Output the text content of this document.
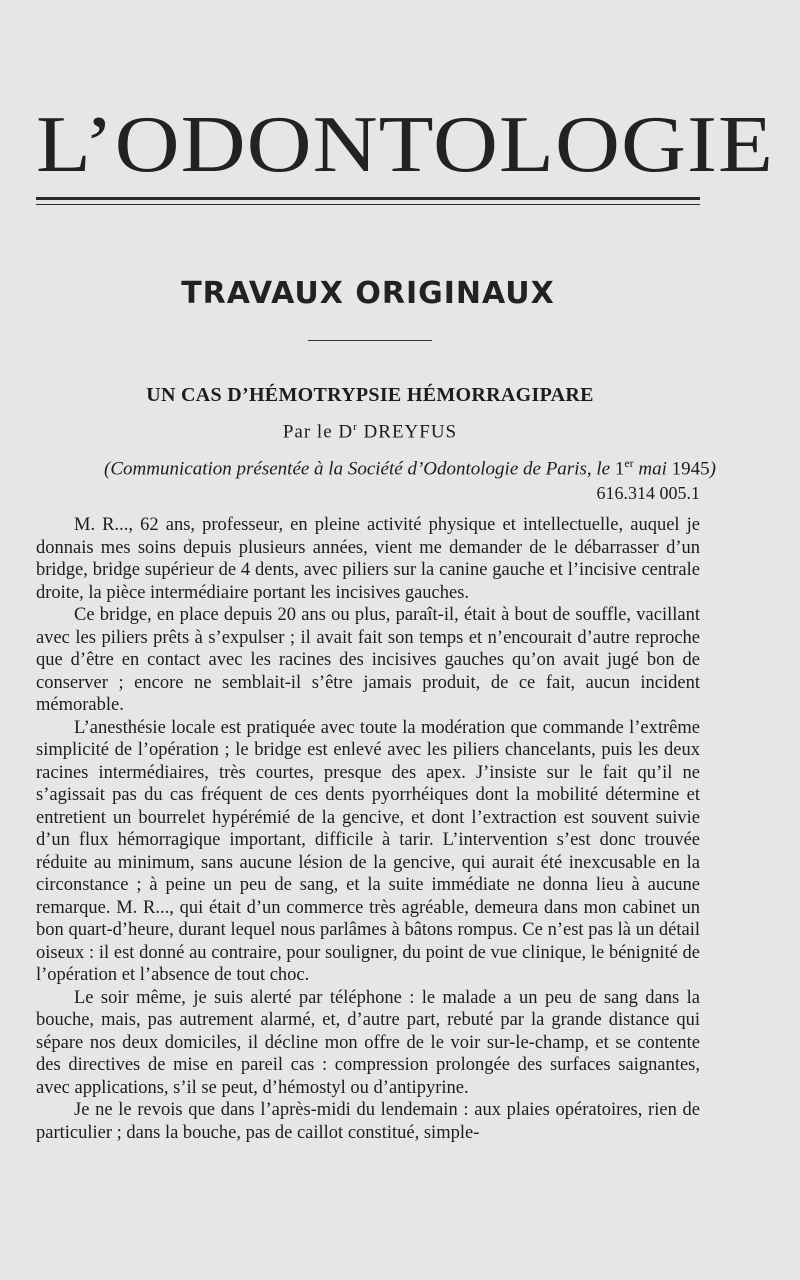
L’ODONTOLOGIE
TRAVAUX ORIGINAUX
UN CAS D’HÉMOTRYPSIE HÉMORRAGIPARE
Par le $D^r$ DREYFUS
(Communication présentée à la Société d’Odontologie de Paris, le 1er mai 1945)
616.314 005.1

M. R..., 62 ans, professeur, en pleine activité physique et intellectuelle, auquel je donnais mes soins depuis plusieurs années, vient me demander de le débarrasser d’un bridge, bridge supérieur de 4 dents, avec piliers sur la canine gauche et l’incisive centrale droite, la pièce intermédiaire portant les incisives gauches.

Ce bridge, en place depuis 20 ans ou plus, paraît-il, était à bout de souffle, vacillant avec les piliers prêts à s’expulser ; il avait fait son temps et n’encourait d’autre reproche que d’être en contact avec les racines des incisives gauches qu’on avait jugé bon de conserver ; encore ne semblait-il s’être jamais produit, de ce fait, aucun incident mémorable.

L’anesthésie locale est pratiquée avec toute la modération que commande l’extrême simplicité de l’opération ; le bridge est enlevé avec les piliers chancelants, puis les deux racines intermédiaires, très courtes, presque des apex. J’insiste sur le fait qu’il ne s’agissait pas du cas fréquent de ces dents pyorrhéiques dont la mobilité détermine et entretient un bourrelet hypérémié de la gencive, et dont l’extraction est souvent suivie d’un flux hémorragique important, difficile à tarir. L’intervention s’est donc trouvée réduite au minimum, sans aucune lésion de la gencive, qui aurait été inexcusable en la circonstance ; à peine un peu de sang, et la suite immédiate ne donna lieu à aucune remarque. M. R..., qui était d’un commerce très agréable, demeura dans mon cabinet un bon quart-d’heure, durant lequel nous parlâmes à bâtons rompus. Ce n’est pas là un détail oiseux : il est donné au contraire, pour souligner, du point de vue clinique, le bénignité de l’opération et l’absence de tout choc.

Le soir même, je suis alerté par téléphone : le malade a un peu de sang dans la bouche, mais, pas autrement alarmé, et, d’autre part, rebuté par la grande distance qui sépare nos deux domiciles, il décline mon offre de le voir sur-le-champ, et se contente des directives de mise en pareil cas : compression prolongée des surfaces saignantes, avec applications, s’il se peut, d’hémostyl ou d’antipyrine.

Je ne le revois que dans l’après-midi du lendemain : aux plaies opératoires, rien de particulier ; dans la bouche, pas de caillot constitué, simple-
